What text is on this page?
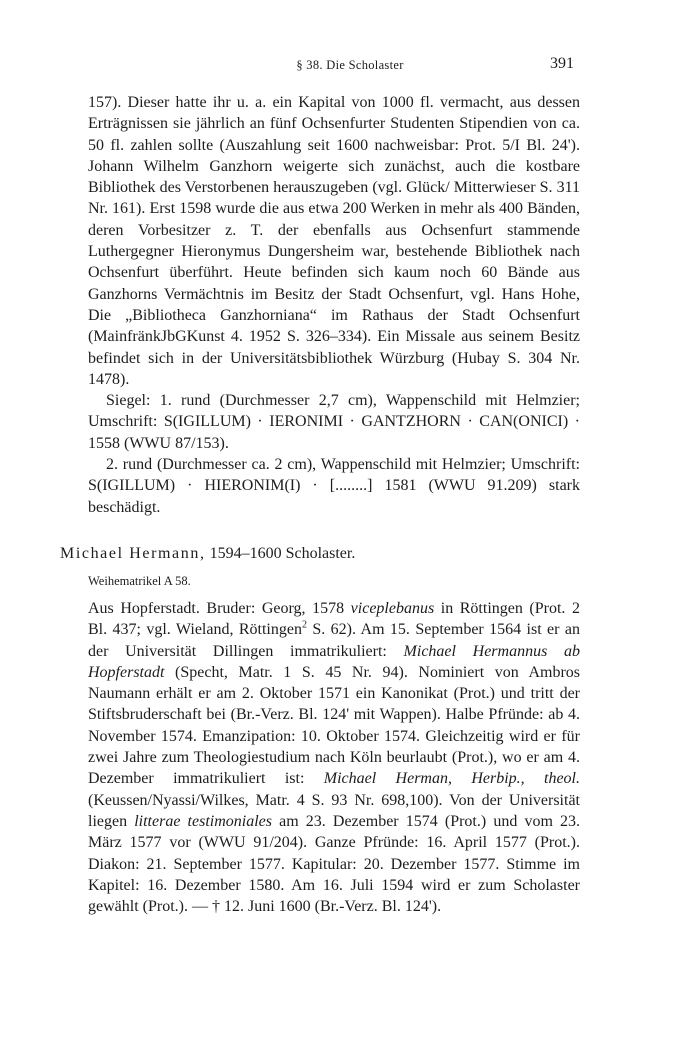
§ 38. Die Scholaster	391

157). Dieser hatte ihr u. a. ein Kapital von 1000 fl. vermacht, aus dessen Erträgnissen sie jährlich an fünf Ochsenfurter Studenten Stipendien von ca. 50 fl. zahlen sollte (Auszahlung seit 1600 nachweisbar: Prot. 5/I Bl. 24'). Johann Wilhelm Ganzhorn weigerte sich zunächst, auch die kostbare Bibliothek des Verstorbenen herauszugeben (vgl. Glück/ Mitterwieser S. 311 Nr. 161). Erst 1598 wurde die aus etwa 200 Werken in mehr als 400 Bänden, deren Vorbesitzer z. T. der ebenfalls aus Ochsenfurt stammende Luthergegner Hieronymus Dungersheim war, bestehende Bibliothek nach Ochsenfurt überführt. Heute befinden sich kaum noch 60 Bände aus Ganzhorns Vermächtnis im Besitz der Stadt Ochsenfurt, vgl. Hans Hohe, Die „Bibliotheca Ganzhorniana“ im Rathaus der Stadt Ochsenfurt (MainfränkJbGKunst 4. 1952 S. 326–334). Ein Missale aus seinem Besitz befindet sich in der Universitätsbibliothek Würzburg (Hubay S. 304 Nr. 1478).

Siegel: 1. rund (Durchmesser 2,7 cm), Wappenschild mit Helmzier; Umschrift: S(IGILLUM) · IERONIMI · GANTZHORN · CAN(ONICI) · 1558 (WWU 87/153).

2. rund (Durchmesser ca. 2 cm), Wappenschild mit Helmzier; Umschrift: S(IGILLUM) · HIERONIM(I) · [........] 1581 (WWU 91.209) stark beschädigt.

Michael Hermann, 1594–1600 Scholaster.
Weihematrikel A 58.

Aus Hopferstadt. Bruder: Georg, 1578 viceplebanus in Röttingen (Prot. 2 Bl. 437; vgl. Wieland, Röttingen$^2$ S. 62). Am 15. September 1564 ist er an der Universität Dillingen immatrikuliert: Michael Hermannus ab Hopferstadt (Specht, Matr. 1 S. 45 Nr. 94). Nominiert von Ambros Naumann erhält er am 2. Oktober 1571 ein Kanonikat (Prot.) und tritt der Stiftsbruderschaft bei (Br.-Verz. Bl. 124' mit Wappen). Halbe Pfründe: ab 4. November 1574. Emanzipation: 10. Oktober 1574. Gleichzeitig wird er für zwei Jahre zum Theologiestudium nach Köln beurlaubt (Prot.), wo er am 4. Dezember immatrikuliert ist: Michael Herman, Herbip., theol. (Keussen/Nyassi/Wilkes, Matr. 4 S. 93 Nr. 698,100). Von der Universität liegen litterae testimoniales am 23. Dezember 1574 (Prot.) und vom 23. März 1577 vor (WWU 91/204). Ganze Pfründe: 16. April 1577 (Prot.). Diakon: 21. September 1577. Kapitular: 20. Dezember 1577. Stimme im Kapitel: 16. Dezember 1580. Am 16. Juli 1594 wird er zum Scholaster gewählt (Prot.). — † 12. Juni 1600 (Br.-Verz. Bl. 124').
